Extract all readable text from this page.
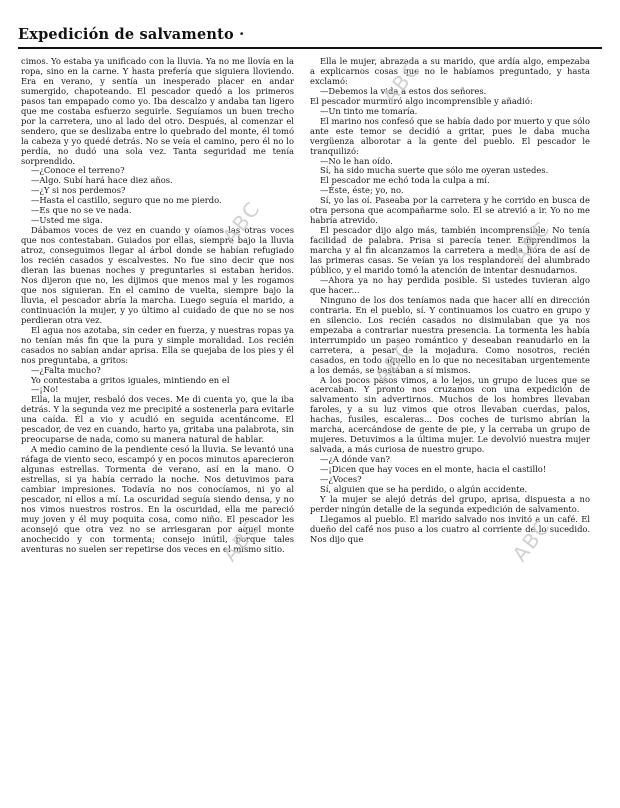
Expedición de salvamento ·

cimos. Yo estaba ya unificado con la lluvia. Ya no me llovía en la ropa, sino en la carne. Y hasta prefería que siguiera lloviendo. Era en verano, y sentía un inesperado placer en andar sumergido, chapoteando. El pescador quedó a los primeros pasos tan empapado como yo. Iba descalzo y andaba tan ligero que me costaba esfuerzo seguirle. Seguíamos un buen trecho por la carretera, uno al lado del otro. Después, al comenzar el sendero, que se deslizaba entre lo quebrado del monte, él tomó la cabeza y yo quedé detrás. No se veía el camino, pero él no lo perdía, no dudó una sola vez. Tanta seguridad me tenía sorprendido.

—¿Conoce el terreno?

—Algo. Subí hará hace diez años.

—¿Y si nos perdemos?

—Hasta el castillo, seguro que no me pierdo.

—Es que no se ve nada.

—Usted me siga.

Dábamos voces de vez en cuando y oíamos las otras voces que nos contestaban. Guiados por ellas, siempre bajo la lluvia atroz, conseguimos llegar al árbol donde se habían refugiado los recién casados y escalvestes. No fue sino decir que nos dieran las buenas noches y preguntarles si estaban heridos. Nos dijeron que no, les dijimos que menos mal y les rogamos que nos siguieran. En el camino de vuelta, siempre bajo la lluvia, el pescador abría la marcha. Luego seguía el marido, a continuación la mujer, y yo último al cuidado de que no se nos perdieran otra vez.

El agua nos azotaba, sin ceder en fuerza, y nuestras ropas ya no tenían más fin que la pura y simple moralidad. Los recién casados no sabían andar aprisa. Ella se quejaba de los pies y él nos preguntaba, a gritos:

—¿Falta mucho?

Yo contestaba a gritos iguales, mintiendo en el

—¡No!

Ella, la mujer, resbaló dos veces. Me di cuenta yo, que la iba detrás. Y la segunda vez me precipité a sostenerla para evitarle una caída. Él a vio y acudió en seguida acentáncome. El pescador, de vez en cuando, harto ya, gritaba una palabrota, sin preocuparse de nada, como su manera natural de hablar.

A medio camino de la pendiente cesó la lluvia. Se levantó una ráfaga de viento seco, escampó y en pocos minutos aparecieron algunas estrellas. Tormenta de verano, así en la mano. O estrellas, si ya había cerrado la noche. Nos detuvimos para cambiar impresiones. Todavía no nos conocíamos, ni yo al pescador, ni ellos a mí. La oscuridad seguía siendo densa, y no nos vimos nuestros rostros. En la oscuridad, ella me pareció muy joven y él muy poquita cosa, como niño. El pescador les aconsejó que otra vez no se arriesgaran por aquel monte anochecido y con tormenta; consejo inútil, porque tales aventuras no suelen ser repetirse dos veces en el mismo sitio.

Ella le mujer, abrazada a su marido, que ardía algo, empezaba a explicarnos cosas que no le habíamos preguntado, y hasta exclamó:

—Debemos la vida a estos dos señores.

El pescador murmuró algo incomprensible y añadió:

—Un tinto me tomaría.

El marino nos confesó que se había dado por muerto y que sólo ante este temor se decidió a gritar, pues le daba mucha vergüenza alborotar a la gente del pueblo. El pescador le tranquilizó:

—No le han oído.

Sí, ha sido mucha suerte que sólo me oyeran ustedes.

El pescador me echó toda la culpa a mí.

—Éste, éste; yo, no.

Sí, yo las oí. Paseaba por la carretera y he corrido en busca de otra persona que acompañarme solo. El se atrevió a ir. Yo no me habría atrevido.

El pescador dijo algo más, también incomprensible. No tenía facilidad de palabra. Prisa si parecía tener. Emprendimos la marcha y al fin alcanzamos la carretera a media hora de así de las primeras casas. Se veían ya los resplandores del alumbrado público, y el marido tomó la atención de intentar desnudarnos.

—Ahora ya no hay perdida posible. Si ustedes tuvieran algo que hacer...

Ninguno de los dos teníamos nada que hacer allí en dirección contraria. En el pueblo, sí. Y continuamos los cuatro en grupo y en silencio. Los recién casados no disimulaban que ya nos empezaba a contrariar nuestra presencia. La tormenta les había interrumpido un paseo romántico y deseaban reanudarlo en la carretera, a pesar de la mojadura. Como nosotros, recién casados, en todo aquello en lo que no necesitaban urgentemente a los demás, se bastaban a sí mismos.

A los pocos pasos vimos, a lo lejos, un grupo de luces que se acercaban. Y pronto nos cruzamos con una expedición de salvamento sin advertirnos. Muchos de los hombres llevaban faroles, y a su luz vimos que otros llevaban cuerdas, palos, hachas, fusiles, escaleras... Dos coches de turismo abrían la marcha, acercándose de gente de pie, y la cerraba un grupo de mujeres. Detuvimos a la última mujer. Le devolvió nuestra mujer salvada, a más curiosa de nuestro grupo.

—¿A dónde van?

—¡Dicen que hay voces en el monte, hacia el castillo!

—¿Voces?

Sí, alguien que se ha perdido, o algún accidente.

Y la mujer se alejó detrás del grupo, aprisa, dispuesta a no perder ningún detalle de la segunda expedición de salvamento.

Llegamos al pueblo. El marido salvado nos invitó a un café. El dueño del café nos puso a los cuatro al corriente de lo sucedido. Nos dijo que

ABC
ABC
ABC
ABC
ABC
ABC
